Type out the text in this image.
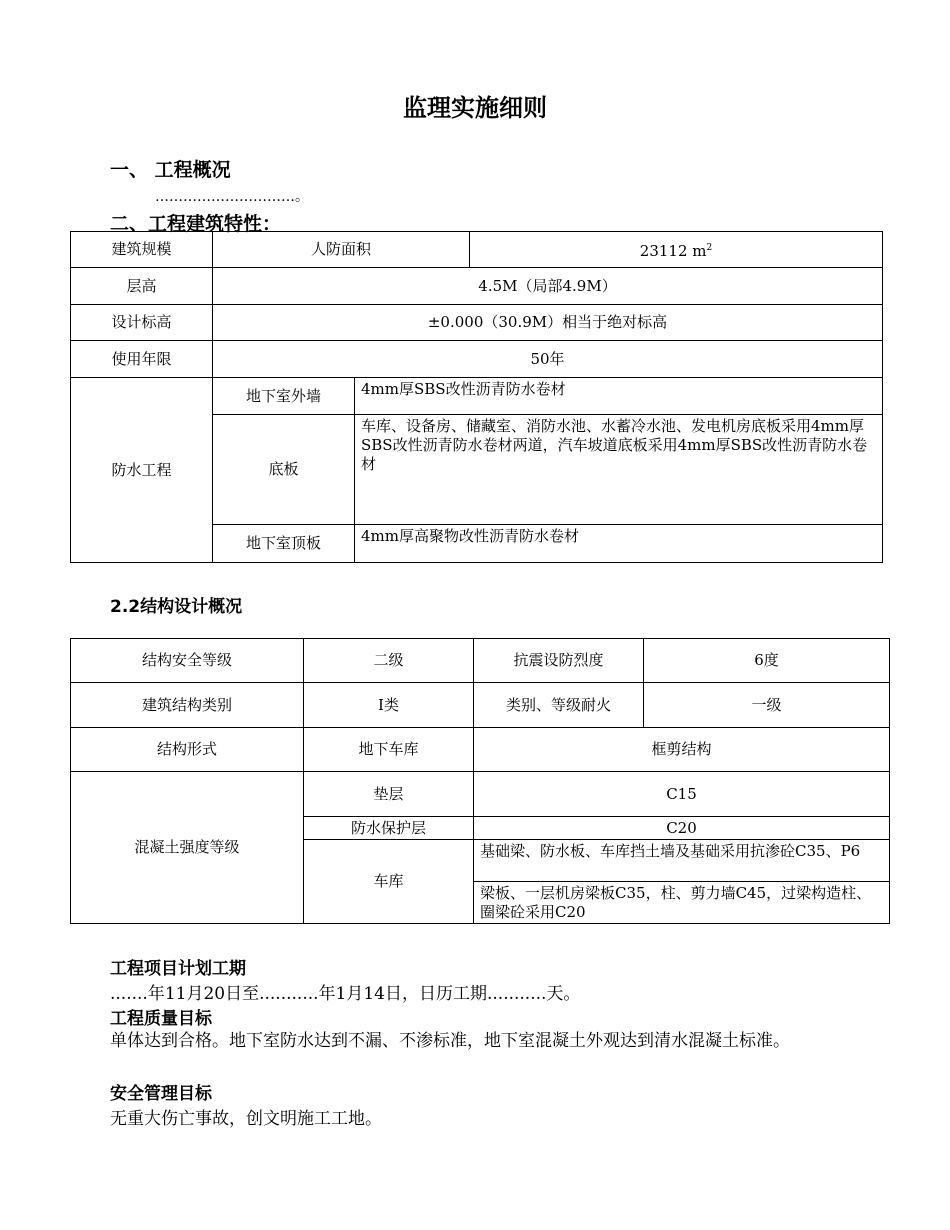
监理实施细则
一、 工程概况
…………………………。
二、工程建筑特性：
建筑规模	人防面积		23112 $m^2$
层高	4.5M（局部4.9M）		
设计标高	±0.000（30.9M）相当于绝对标高		
使用年限	50年		
防水工程	地下室外墙	4mm厚SBS改性沥青防水卷材	
	底板	车库、设备房、储藏室、消防水池、水蓄冷水池、发电机房底板采用4mm厚SBS改性沥青防水卷材两道，汽车坡道底板采用4mm厚SBS改性沥青防水卷材	
	地下室顶板	4mm厚高聚物改性沥青防水卷材	
2.2结构设计概况
结构安全等级	二级	抗震设防烈度	6度
建筑结构类别	Ⅰ类	类别、等级耐火	一级
结构形式	地下车库	框剪结构	
混凝土强度等级	垫层	C15	
	防水保护层	C20	
	车库	基础梁、防水板、车库挡土墙及基础采用抗渗砼C35、P6	
		梁板、一层机房梁板C35，柱、剪力墙C45，过梁构造柱、圈梁砼采用C20	
工程项目计划工期
.......年11月20日至...........年1月14日，日历工期...........天。
工程质量目标
单体达到合格。地下室防水达到不漏、不渗标准，地下室混凝土外观达到清水混凝土标准。
安全管理目标
无重大伤亡事故，创文明施工工地。
